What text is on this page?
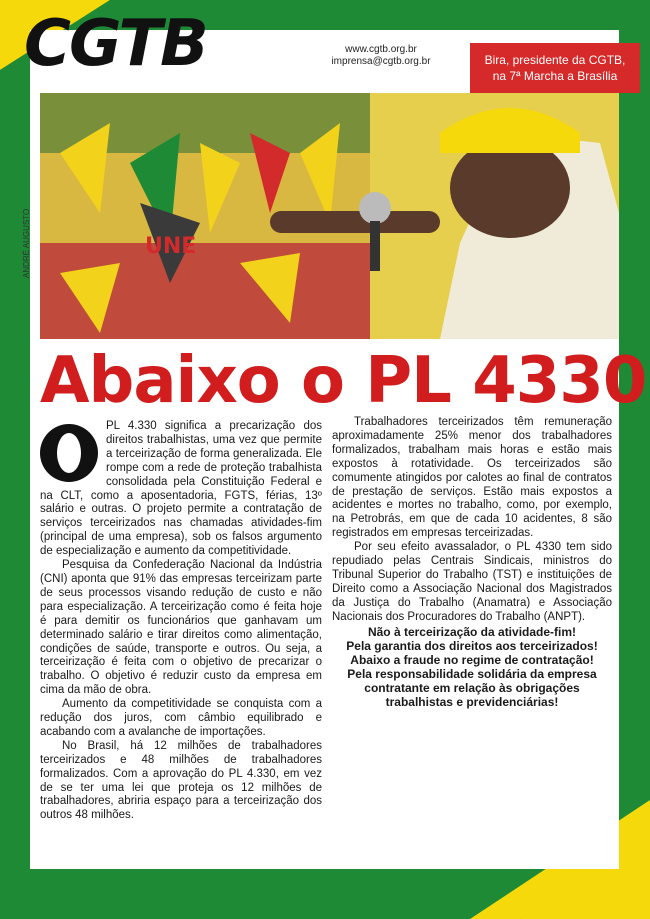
CGTB	www.cgtb.org.br
imprensa@cgtb.org.br	Bira, presidente da CGTB,
na 7ª Marcha a Brasília
UNE
ANDRÉ AUGUSTO
Abaixo o PL 4330

PL 4.330 significa a precarização dos direitos trabalhistas, uma vez que permite a terceirização de forma generalizada. Ele rompe com a rede de proteção trabalhista consolidada pela Constituição Federal e na CLT, como a aposentadoria, FGTS, férias, 13º salário e outras. O projeto permite a contratação de serviços terceirizados nas chamadas atividades-fim (principal de uma empresa), sob os falsos argumento de especialização e aumento da competitividade.

Pesquisa da Confederação Nacional da Indústria (CNI) aponta que 91% das empresas terceirizam parte de seus processos visando redução de custo e não para especialização. A terceirização como é feita hoje é para demitir os funcionários que ganhavam um determinado salário e tirar direitos como alimentação, condições de saúde, transporte e outros. Ou seja, a terceirização é feita com o objetivo de precarizar o trabalho. O objetivo é reduzir custo da empresa em cima da mão de obra.

Aumento da competitividade se conquista com a redução dos juros, com câmbio equilibrado e acabando com a avalanche de importações.

No Brasil, há 12 milhões de trabalhadores terceirizados e 48 milhões de trabalhadores formalizados. Com a aprovação do PL 4.330, em vez de se ter uma lei que proteja os 12 milhões de trabalhadores, abriria espaço para a terceirização dos outros 48 milhões.

Trabalhadores terceirizados têm remuneração aproximadamente 25% menor dos trabalhadores formalizados, trabalham mais horas e estão mais expostos à rotatividade. Os terceirizados são comumente atingidos por calotes ao final de contratos de prestação de serviços. Estão mais expostos a acidentes e mortes no trabalho, como, por exemplo, na Petrobrás, em que de cada 10 acidentes, 8 são registrados em empresas terceirizadas.

Por seu efeito avassalador, o PL 4330 tem sido repudiado pelas Centrais Sindicais, ministros do Tribunal Superior do Trabalho (TST) e instituições de Direito como a Associação Nacional dos Magistrados da Justiça do Trabalho (Anamatra) e Associação Nacionais dos Procuradores do Trabalho (ANPT).

Não à terceirização da atividade-fim!

Pela garantia dos direitos aos terceirizados!

Abaixo a fraude no regime de contratação!

Pela responsabilidade solidária da empresa contratante em relação às obrigações trabalhistas e previdenciárias!
